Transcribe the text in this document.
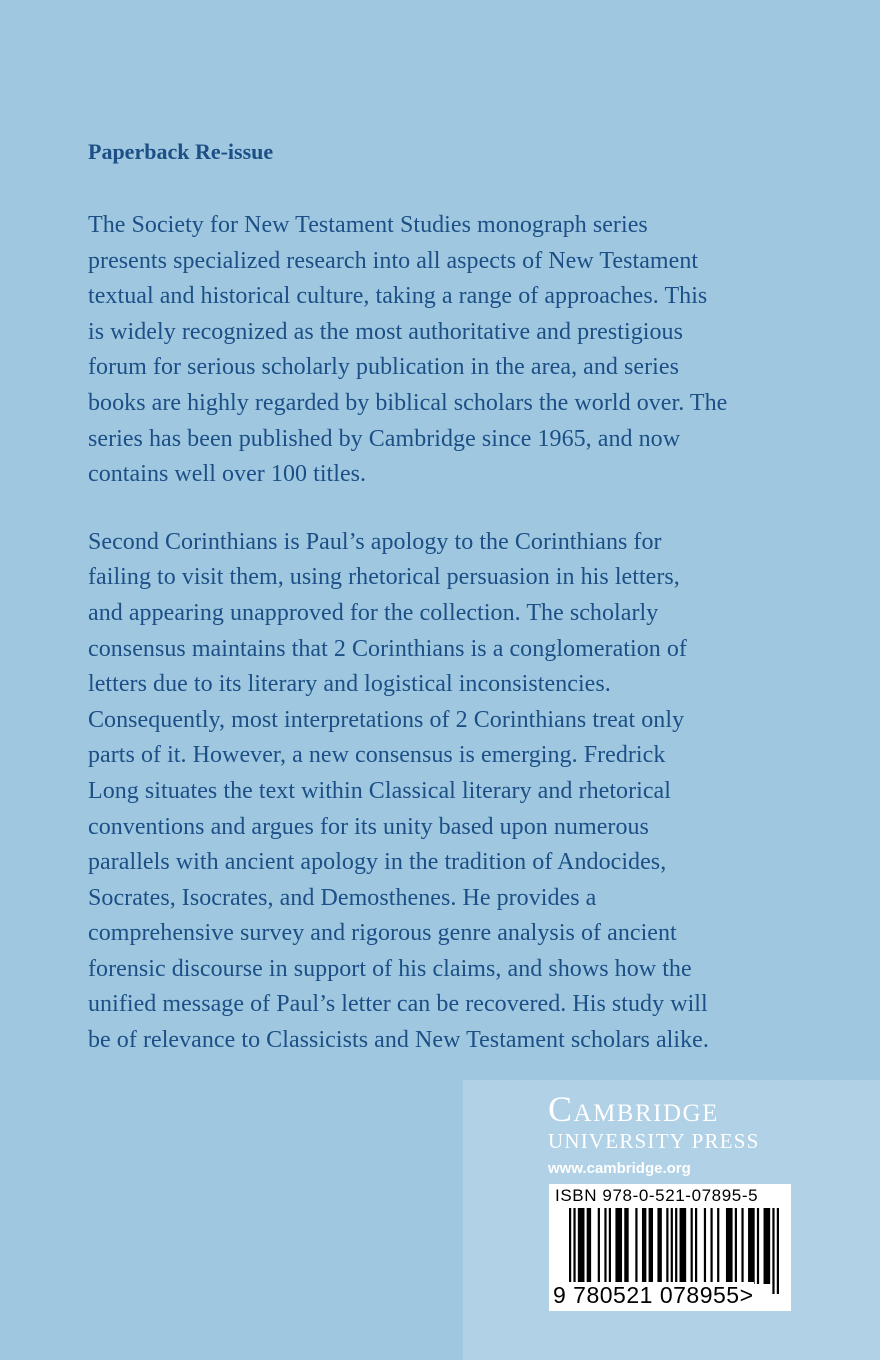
Paperback Re-issue
The Society for New Testament Studies monograph series
presents specialized research into all aspects of New Testament
textual and historical culture, taking a range of approaches. This
is widely recognized as the most authoritative and prestigious
forum for serious scholarly publication in the area, and series
books are highly regarded by biblical scholars the world over. The
series has been published by Cambridge since 1965, and now
contains well over 100 titles.
Second Corinthians is Paul’s apology to the Corinthians for
failing to visit them, using rhetorical persuasion in his letters,
and appearing unapproved for the collection. The scholarly
consensus maintains that 2 Corinthians is a conglomeration of
letters due to its literary and logistical inconsistencies.
Consequently, most interpretations of 2 Corinthians treat only
parts of it. However, a new consensus is emerging. Fredrick
Long situates the text within Classical literary and rhetorical
conventions and argues for its unity based upon numerous
parallels with ancient apology in the tradition of Andocides,
Socrates, Isocrates, and Demosthenes. He provides a
comprehensive survey and rigorous genre analysis of ancient
forensic discourse in support of his claims, and shows how the
unified message of Paul’s letter can be recovered. His study will
be of relevance to Classicists and New Testament scholars alike.
Cambridge
UNIVERSITY PRESS
www.cambridge.org
ISBN 978-0-521-07895-5
9 780521 078955>
